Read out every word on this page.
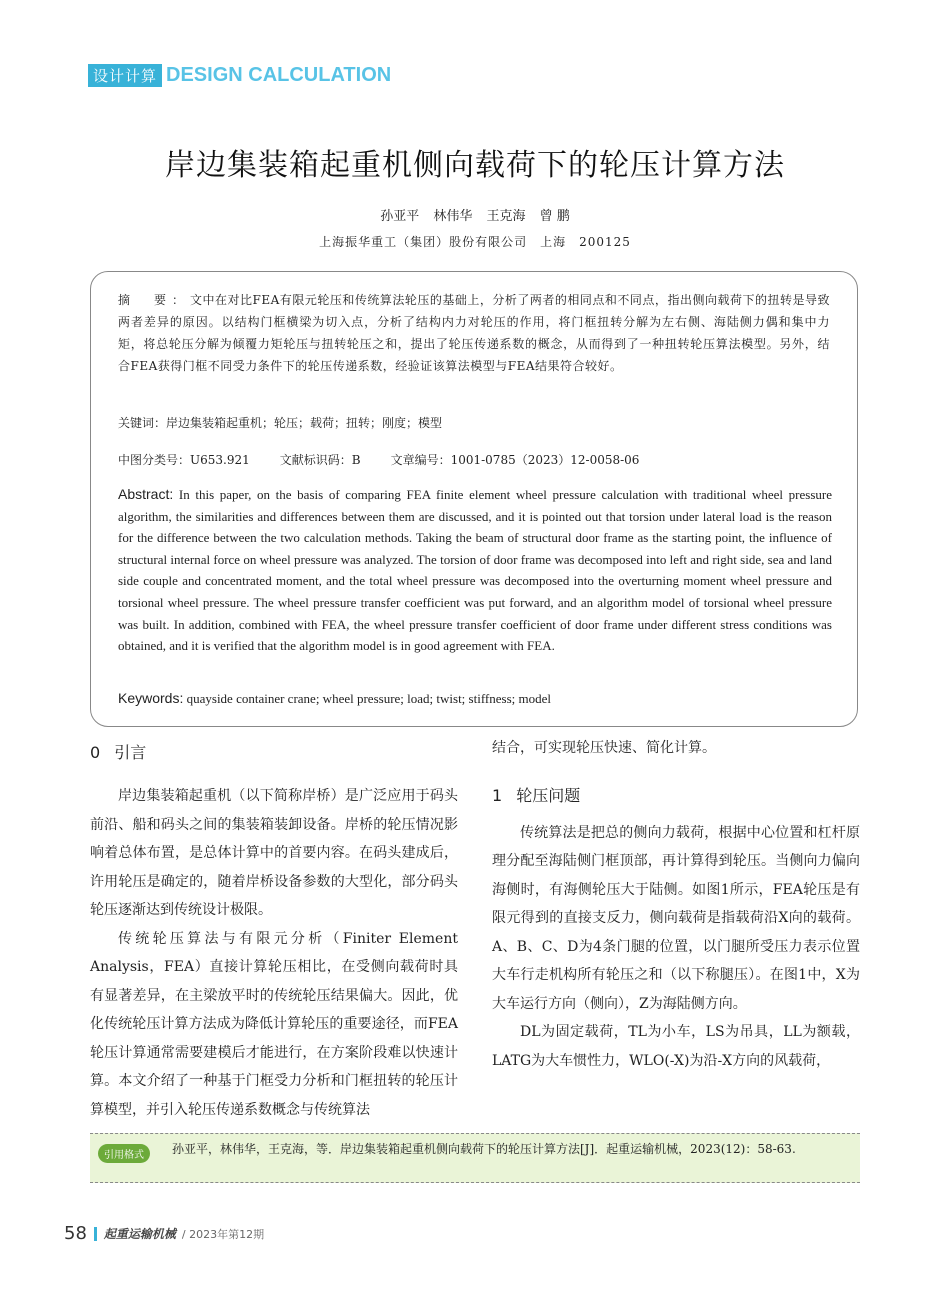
设计计算 DESIGN CALCULATION
岸边集装箱起重机侧向载荷下的轮压计算方法
孙亚平 林伟华 王克海 曾 鹏
上海振华重工（集团）股份有限公司　上海　200125
摘　要：文中在对比FEA有限元轮压和传统算法轮压的基础上，分析了两者的相同点和不同点，指出侧向载荷下的扭转是导致两者差异的原因。以结构门框横梁为切入点，分析了结构内力对轮压的作用，将门框扭转分解为左右侧、海陆侧力偶和集中力矩，将总轮压分解为倾覆力矩轮压与扭转轮压之和，提出了轮压传递系数的概念，从而得到了一种扭转轮压算法模型。另外，结合FEA获得门框不同受力条件下的轮压传递系数，经验证该算法模型与FEA结果符合较好。
关键词：岸边集装箱起重机；轮压；载荷；扭转；刚度；模型
中图分类号：U653.921	文献标识码：B	文章编号：1001-0785（2023）12-0058-06
Abstract: In this paper, on the basis of comparing FEA finite element wheel pressure calculation with traditional wheel pressure algorithm, the similarities and differences between them are discussed, and it is pointed out that torsion under lateral load is the reason for the difference between the two calculation methods. Taking the beam of structural door frame as the starting point, the influence of structural internal force on wheel pressure was analyzed. The torsion of door frame was decomposed into left and right side, sea and land side couple and concentrated moment, and the total wheel pressure was decomposed into the overturning moment wheel pressure and torsional wheel pressure. The wheel pressure transfer coefficient was put forward, and an algorithm model of torsional wheel pressure was built. In addition, combined with FEA, the wheel pressure transfer coefficient of door frame under different stress conditions was obtained, and it is verified that the algorithm model is in good agreement with FEA.
Keywords: quayside container crane; wheel pressure; load; twist; stiffness; model
0 引言

岸边集装箱起重机（以下简称岸桥）是广泛应用于码头前沿、船和码头之间的集装箱装卸设备。岸桥的轮压情况影响着总体布置，是总体计算中的首要内容。在码头建成后，许用轮压是确定的，随着岸桥设备参数的大型化，部分码头轮压逐渐达到传统设计极限。

传统轮压算法与有限元分析（Finiter Element Analysis，FEA）直接计算轮压相比，在受侧向载荷时具有显著差异，在主梁放平时的传统轮压结果偏大。因此，优化传统轮压计算方法成为降低计算轮压的重要途径，而FEA轮压计算通常需要建模后才能进行，在方案阶段难以快速计算。本文介绍了一种基于门框受力分析和门框扭转的轮压计算模型，并引入轮压传递系数概念与传统算法

结合，可实现轮压快速、简化计算。

1 轮压问题

传统算法是把总的侧向力载荷，根据中心位置和杠杆原理分配至海陆侧门框顶部，再计算得到轮压。当侧向力偏向海侧时，有海侧轮压大于陆侧。如图1所示，FEA轮压是有限元得到的直接支反力，侧向载荷是指载荷沿X向的载荷。A、B、C、D为4条门腿的位置，以门腿所受压力表示位置大车行走机构所有轮压之和（以下称腿压）。在图1中，X为大车运行方向（侧向），Z为海陆侧方向。

DL为固定载荷，TL为小车，LS为吊具，LL为额载，LATG为大车惯性力，WLO(-X)为沿-X方向的风载荷，

引用格式	孙亚平，林伟华，王克海，等．岸边集装箱起重机侧向载荷下的轮压计算方法[J]．起重运输机械，2023(12)：58-63.
58 起重运输机械 / 2023年第12期
